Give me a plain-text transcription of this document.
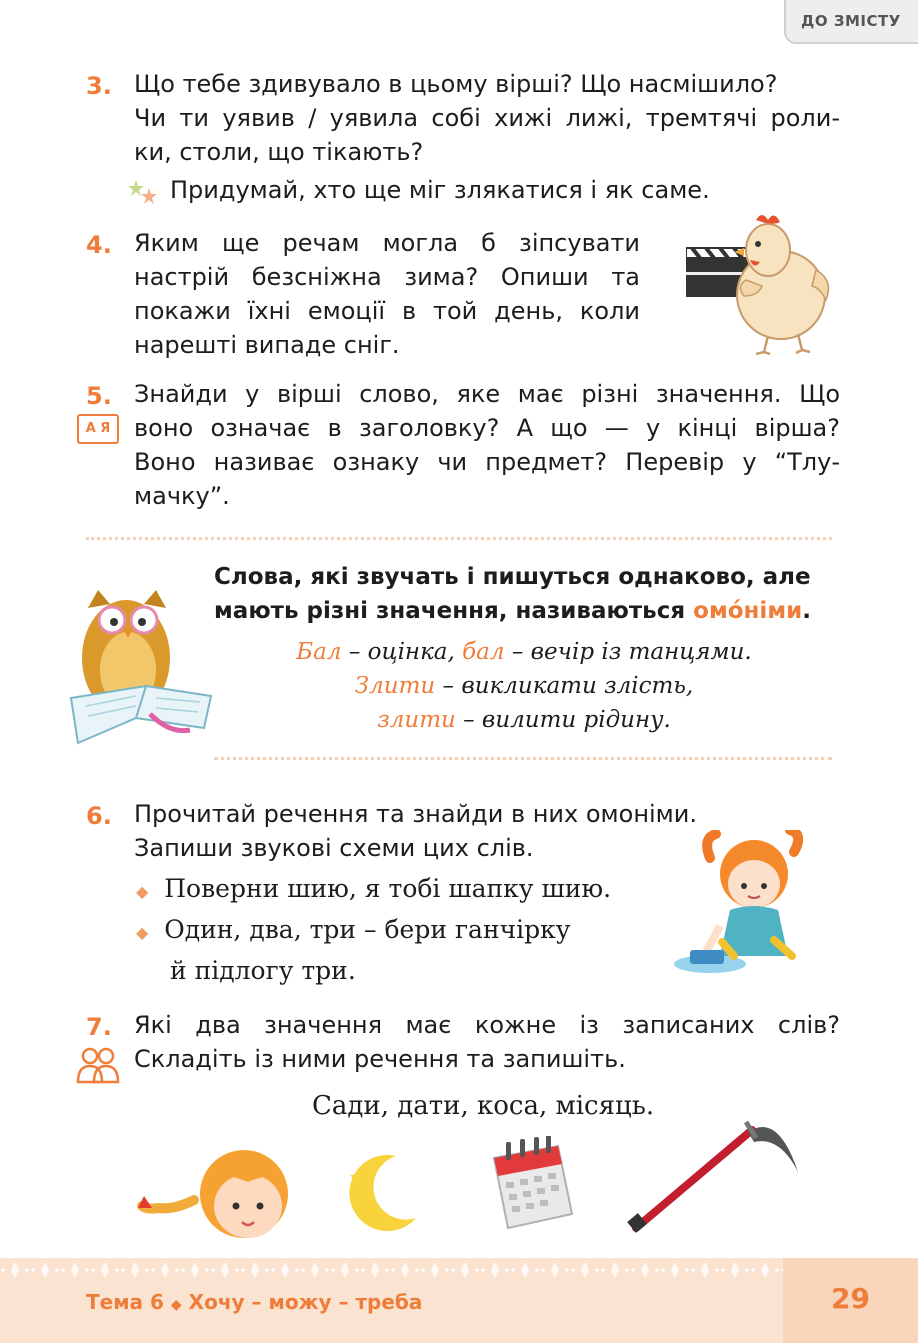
ДО ЗМІСТУ
3. Що тебе здивувало в цьому вірші? Що насмішило?
Чи ти уявив / уявила собі хижі лижі, тремтячі роли-
ки, столи, що тікають?
Придумай, хто ще міг злякатися і як саме.
4. Яким ще речам могла б зіпсувати
настрій безсніжна зима? Опиши та
покажи їхні емоції в той день, коли
нарешті випаде сніг.
5.
А Я
Знайди у вірші слово, яке має різні значення. Що
воно означає в заголовку? А що — у кінці вірша?
Воно називає ознаку чи предмет? Перевір у “Тлу-
мачку”.
Слова, які звучать і пишуться однаково, але
мають різні значення, називаються омо́німи.
Бал – оцінка, бал – вечір із танцями.
Злити – викликати злість,
злити – вилити рідину.
6. Прочитай речення та знайди в них омоніми.
Запиши звукові схеми цих слів.
◆ Поверни шию, я тобі шапку шию.
◆ Один, два, три – бери ганчірку
й підлогу три.
7. Які два значення має кожне із записаних слів?
Складіть із ними речення та запишіть.
Сади, дати, коса, місяць.
Тема 6 ◆ Хочу – можу – треба	29
